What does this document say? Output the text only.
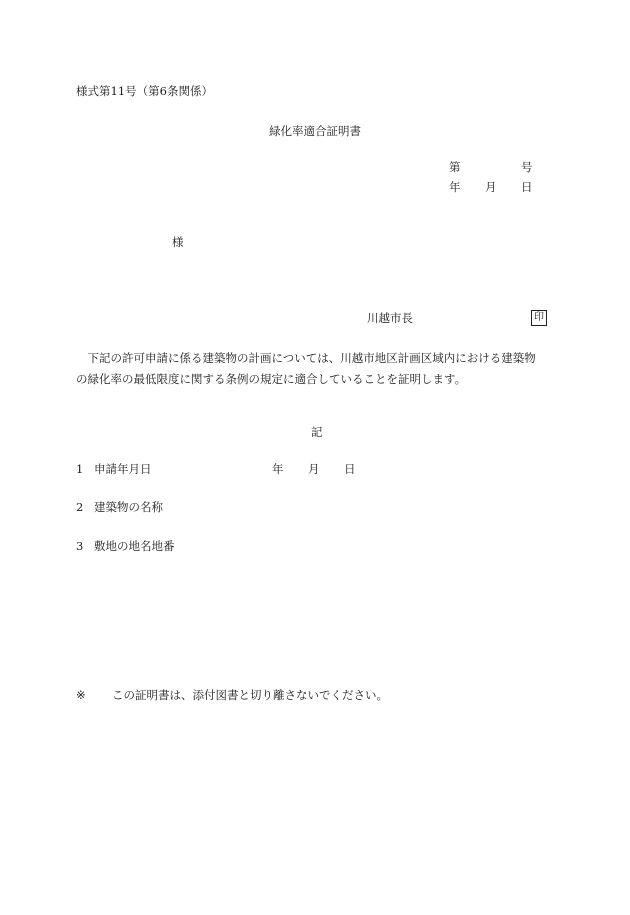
様式第11号（第6条関係）
緑化率適合証明書
第	号
年 月 日
様
川越市長	印
　下記の許可申請に係る建築物の計画については、川越市地区計画区域内における建築物
の緑化率の最低限度に関する条例の規定に適合していることを証明します。
記
1 申請年月日	年 月 日
2 建築物の名称
3 敷地の地名地番
※ この証明書は、添付図書と切り離さないでください。
